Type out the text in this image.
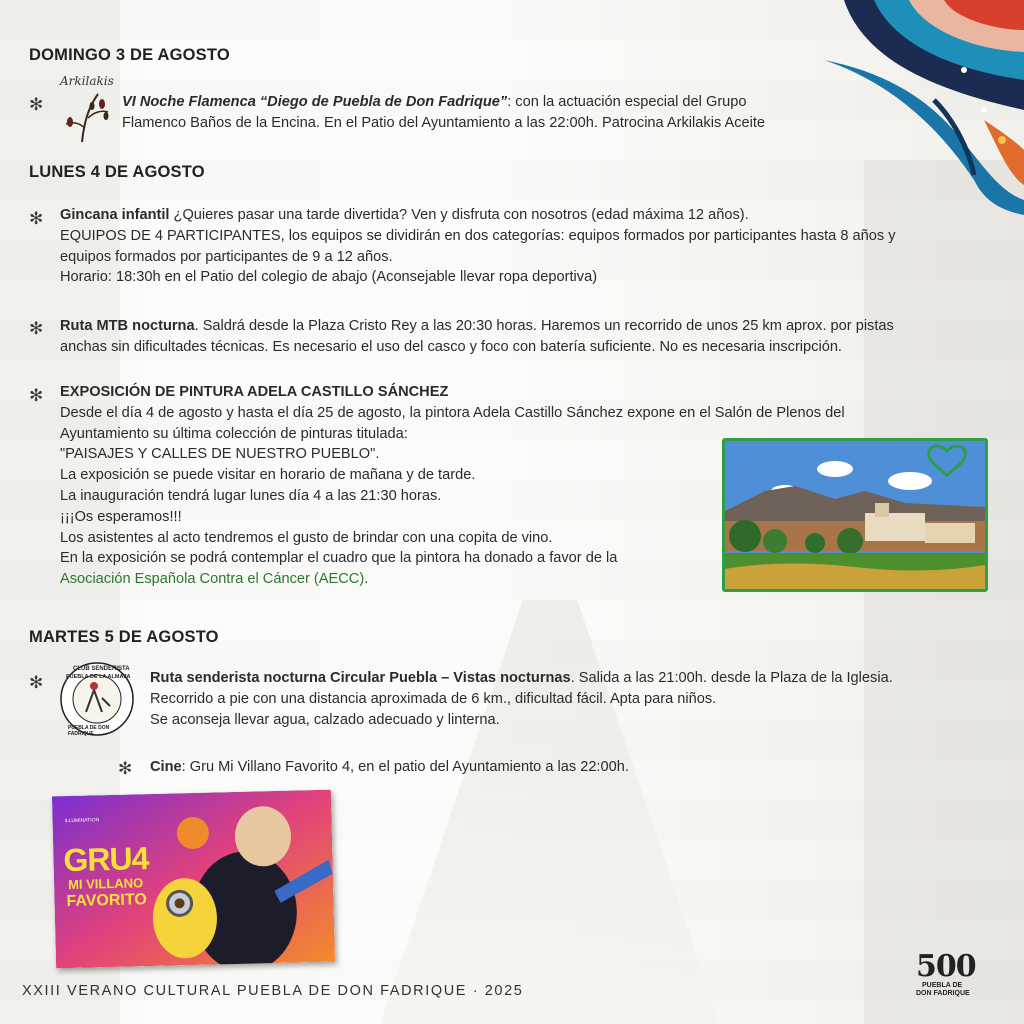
DOMINGO 3 DE AGOSTO
Arkilakis
✻	VI Noche Flamenca “Diego de Puebla de Don Fadrique”: con la actuación especial del Grupo
Flamenco Baños de la Encina. En el Patio del Ayuntamiento a las 22:00h. Patrocina Arkilakis Aceite
LUNES 4 DE AGOSTO
✻ Gincana infantil ¿Quieres pasar una tarde divertida? Ven y disfruta con nosotros (edad máxima 12 años).
EQUIPOS DE 4 PARTICIPANTES, los equipos se dividirán en dos categorías: equipos formados por participantes hasta 8 años y
equipos formados por participantes de 9 a 12 años.
Horario: 18:30h en el Patio del colegio de abajo (Aconsejable llevar ropa deportiva)
✻ Ruta MTB nocturna. Saldrá desde la Plaza Cristo Rey a las 20:30 horas. Haremos un recorrido de unos 25 km aprox. por pistas
anchas sin dificultades técnicas. Es necesario el uso del casco y foco con batería suficiente. No es necesaria inscripción.
✻ EXPOSICIÓN DE PINTURA ADELA CASTILLO SÁNCHEZ
Desde el día 4 de agosto y hasta el día 25 de agosto, la pintora Adela Castillo Sánchez expone en el Salón de Plenos del
Ayuntamiento su última colección de pinturas titulada:
"PAISAJES Y CALLES DE NUESTRO PUEBLO".
La exposición se puede visitar en horario de mañana y de tarde.
La inauguración tendrá lugar lunes día 4 a las 21:30 horas.
¡¡¡Os esperamos!!!
Los asistentes al acto tendremos el gusto de brindar con una copita de vino.
En la exposición se podrá contemplar el cuadro que la pintora ha donado a favor de la
Asociación Española Contra el Cáncer (AECC).
MARTES 5 DE AGOSTO
✻
CLUB SENDERISTA
PUEBLA DE LA ALMAJA
PUEBLA DE DON FADRIQUE
Ruta senderista nocturna Circular Puebla – Vistas nocturnas. Salida a las 21:00h. desde la Plaza de la Iglesia.
Recorrido a pie con una distancia aproximada de 6 km., dificultad fácil. Apta para niños.
Se aconseja llevar agua, calzado adecuado y linterna.
✻ Cine: Gru Mi Villano Favorito 4, en el patio del Ayuntamiento a las 22:00h.
ILLUMINATION
GRU4
MI VILLANO
FAVORITO
XXIII VERANO CULTURAL PUEBLA DE DON FADRIQUE · 2025
500
PUEBLA DE
DON FADRIQUE
